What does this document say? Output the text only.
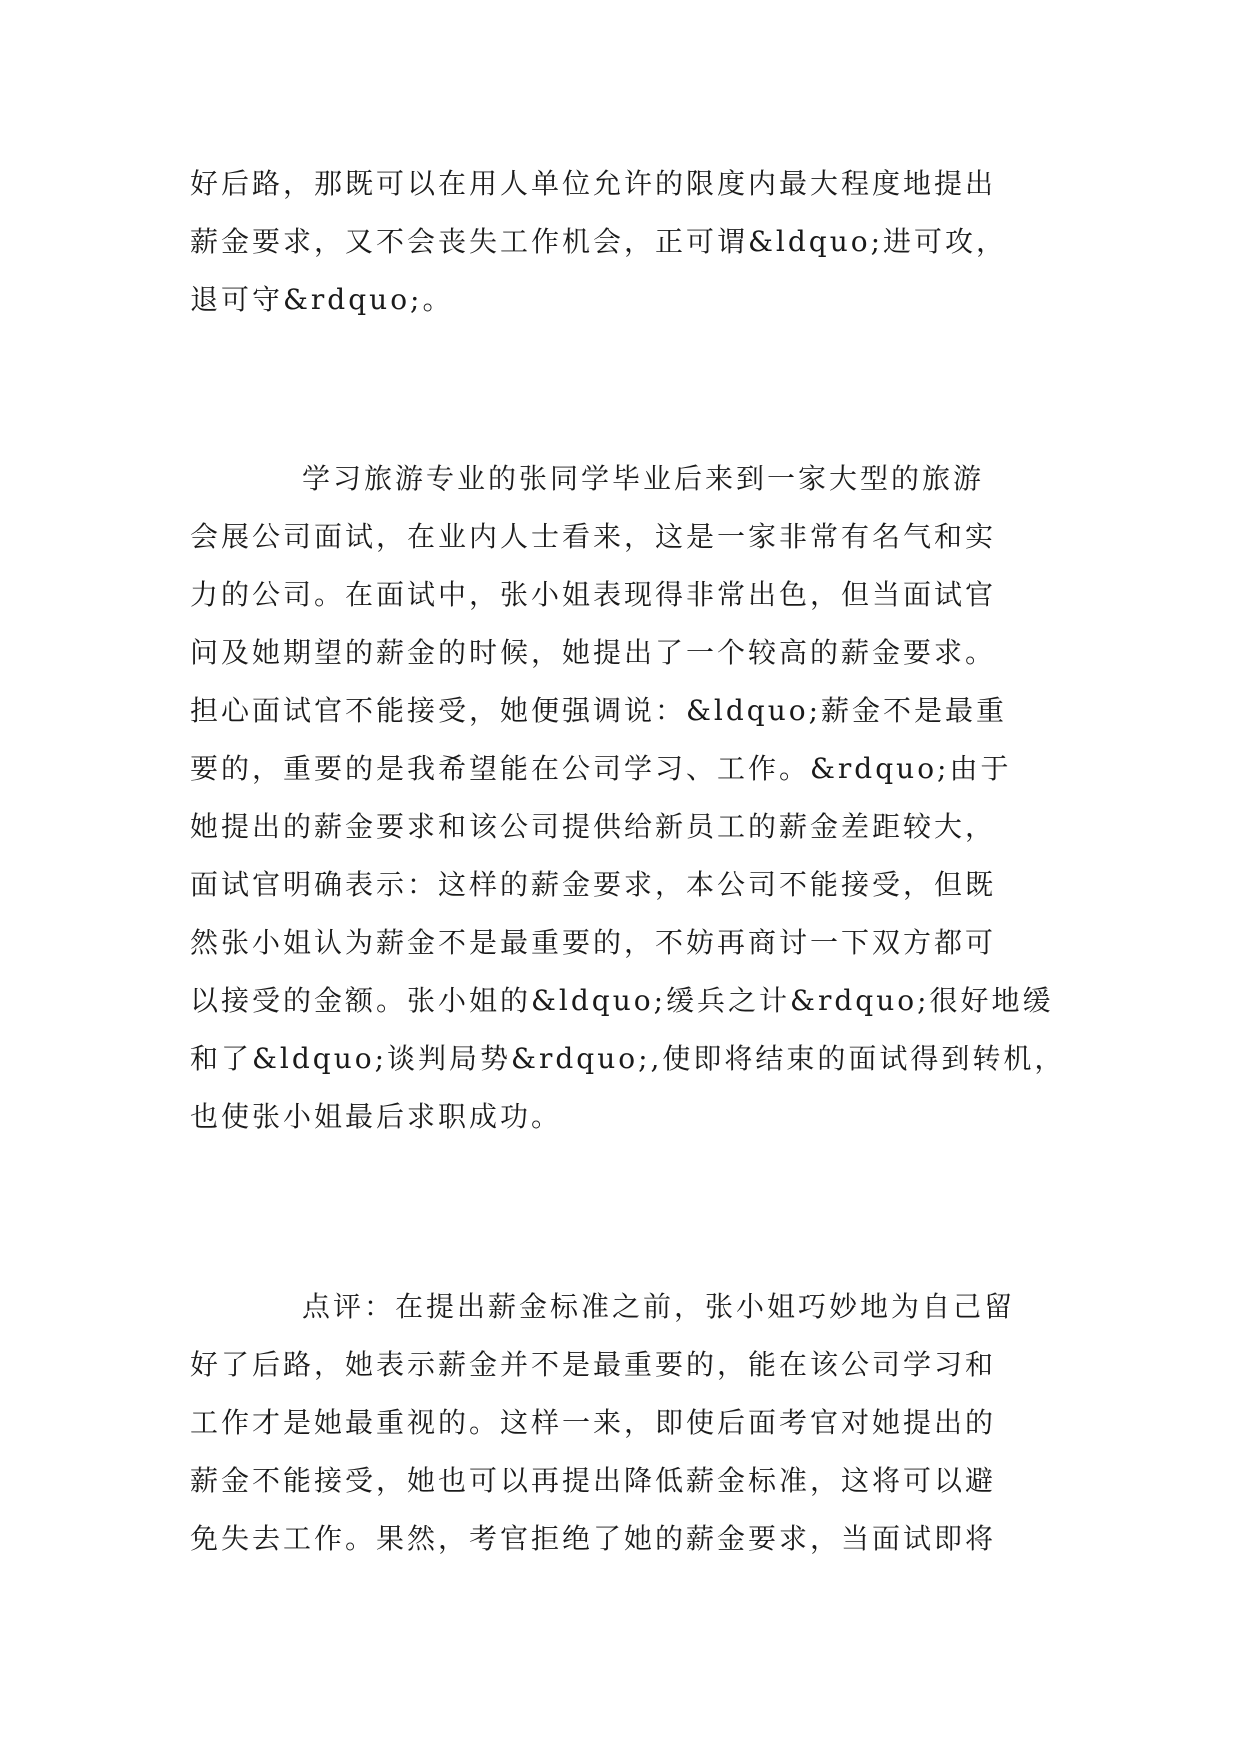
好后路，那既可以在用人单位允许的限度内最大程度地提出
薪金要求，又不会丧失工作机会，正可谓&ldquo;进可攻，
退可守&rdquo;。
学习旅游专业的张同学毕业后来到一家大型的旅游
会展公司面试，在业内人士看来，这是一家非常有名气和实
力的公司。在面试中，张小姐表现得非常出色，但当面试官
问及她期望的薪金的时候，她提出了一个较高的薪金要求。
担心面试官不能接受，她便强调说：&ldquo;薪金不是最重
要的，重要的是我希望能在公司学习、工作。&rdquo;由于
她提出的薪金要求和该公司提供给新员工的薪金差距较大，
面试官明确表示：这样的薪金要求，本公司不能接受，但既
然张小姐认为薪金不是最重要的，不妨再商讨一下双方都可
以接受的金额。张小姐的&ldquo;缓兵之计&rdquo;很好地缓
和了&ldquo;谈判局势&rdquo;,使即将结束的面试得到转机，
也使张小姐最后求职成功。
点评：在提出薪金标准之前，张小姐巧妙地为自己留
好了后路，她表示薪金并不是最重要的，能在该公司学习和
工作才是她最重视的。这样一来，即使后面考官对她提出的
薪金不能接受，她也可以再提出降低薪金标准，这将可以避
免失去工作。果然，考官拒绝了她的薪金要求，当面试即将
